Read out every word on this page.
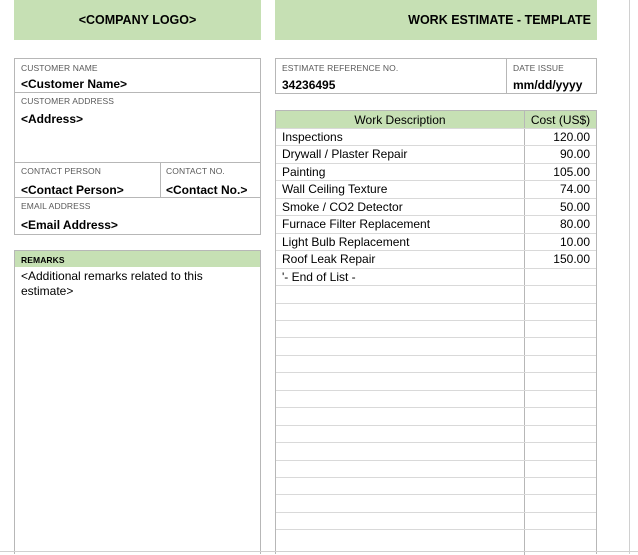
<COMPANY LOGO>	WORK ESTIMATE - TEMPLATE
CUSTOMER NAME
<Customer Name>
CUSTOMER ADDRESS
<Address>
CONTACT PERSON
<Contact Person>
CONTACT NO.
<Contact No.>
EMAIL ADDRESS
<Email Address>
ESTIMATE REFERENCE NO.
34236495
DATE ISSUE
mm/dd/yyyy
REMARKS
<Additional remarks related to this estimate>
Work Description	Cost (US$)
Inspections	120.00
Drywall / Plaster Repair	90.00
Painting	105.00
Wall Ceiling Texture	74.00
Smoke / CO2 Detector	50.00
Furnace Filter Replacement	80.00
Light Bulb Replacement	10.00
Roof Leak Repair	150.00
'- End of List -
